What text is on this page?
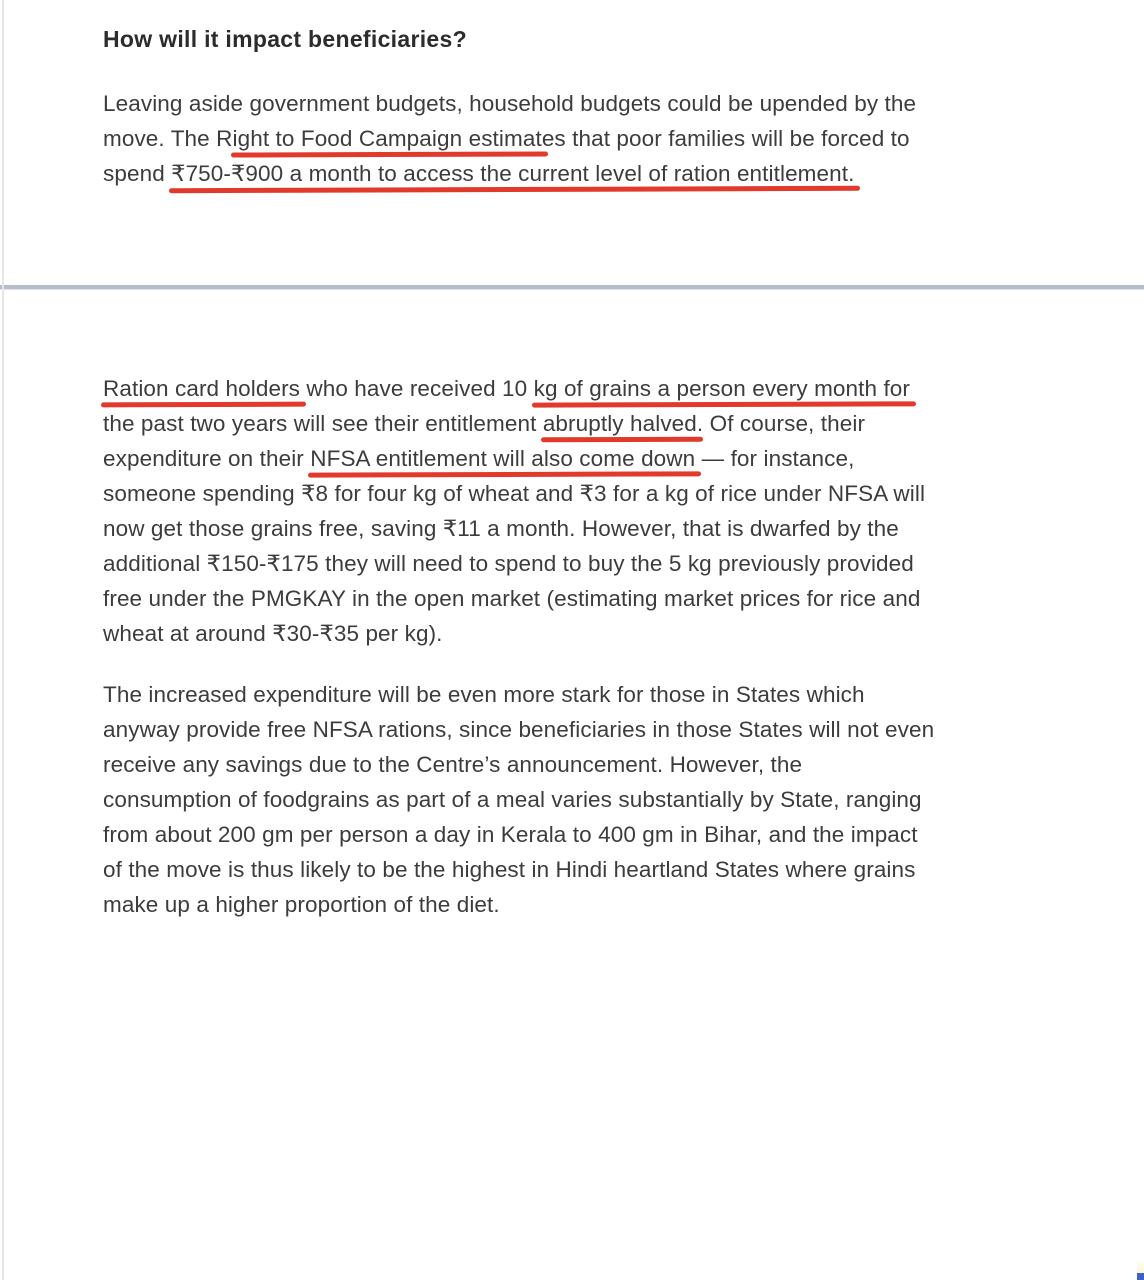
How will it impact beneficiaries?
Leaving aside government budgets, household budgets could be upended by the
move. The Right to Food Campaign estimates that poor families will be forced to
spend ₹750-₹900 a month to access the current level of ration entitlement.
Ration card holders who have received 10 kg of grains a person every month for
the past two years will see their entitlement abruptly halved. Of course, their
expenditure on their NFSA entitlement will also come down — for instance,
someone spending ₹8 for four kg of wheat and ₹3 for a kg of rice under NFSA will
now get those grains free, saving ₹11 a month. However, that is dwarfed by the
additional ₹150-₹175 they will need to spend to buy the 5 kg previously provided
free under the PMGKAY in the open market (estimating market prices for rice and
wheat at around ₹30-₹35 per kg).
The increased expenditure will be even more stark for those in States which
anyway provide free NFSA rations, since beneficiaries in those States will not even
receive any savings due to the Centre’s announcement. However, the
consumption of foodgrains as part of a meal varies substantially by State, ranging
from about 200 gm per person a day in Kerala to 400 gm in Bihar, and the impact
of the move is thus likely to be the highest in Hindi heartland States where grains
make up a higher proportion of the diet.
